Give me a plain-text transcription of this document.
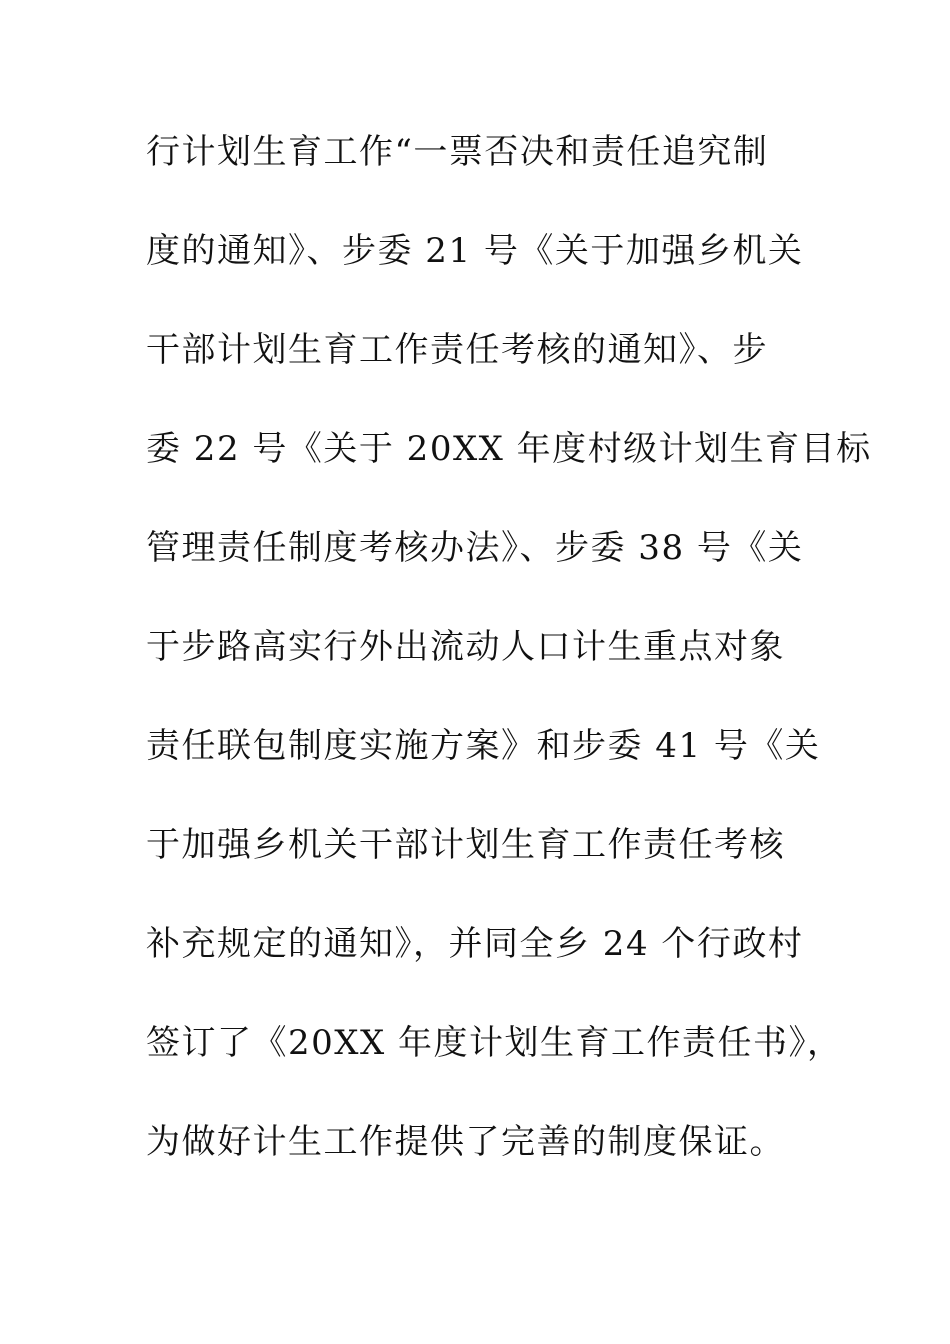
行计划生育工作“一票否决和责任追究制
度的通知》、步委 21 号《关于加强乡机关
干部计划生育工作责任考核的通知》、步
委 22 号《关于 20XX 年度村级计划生育目标
管理责任制度考核办法》、步委 38 号《关
于步路高实行外出流动人口计生重点对象
责任联包制度实施方案》和步委 41 号《关
于加强乡机关干部计划生育工作责任考核
补充规定的通知》，并同全乡 24 个行政村
签订了《20XX 年度计划生育工作责任书》，
为做好计生工作提供了完善的制度保证。
